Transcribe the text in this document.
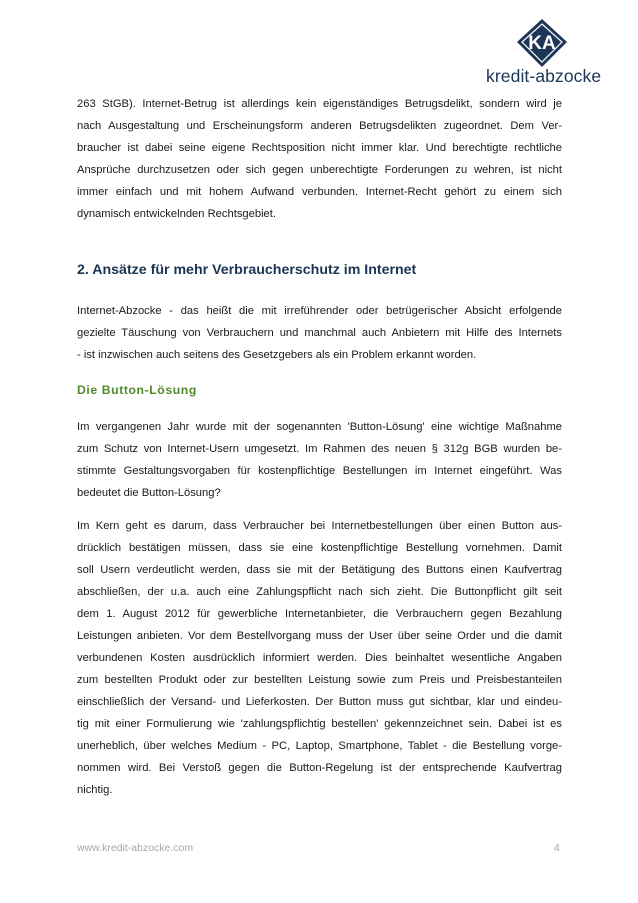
KA
kredit-abzocke
263 StGB). Internet-Betrug ist allerdings kein eigenständiges Betrugsdelikt, sondern wird je
nach Ausgestaltung und Erscheinungsform anderen Betrugsdelikten zugeordnet. Dem Ver-
braucher ist dabei seine eigene Rechtsposition nicht immer klar. Und berechtigte rechtliche
Ansprüche durchzusetzen oder sich gegen unberechtigte Forderungen zu wehren, ist nicht
immer einfach und mit hohem Aufwand verbunden. Internet-Recht gehört zu einem sich
dynamisch entwickelnden Rechtsgebiet.
2. Ansätze für mehr Verbraucherschutz im Internet
Internet-Abzocke - das heißt die mit irreführender oder betrügerischer Absicht erfolgende
gezielte Täuschung von Verbrauchern und manchmal auch Anbietern mit Hilfe des Internets
- ist inzwischen auch seitens des Gesetzgebers als ein Problem erkannt worden.
Die Button-Lösung
Im vergangenen Jahr wurde mit der sogenannten 'Button-Lösung' eine wichtige Maßnahme
zum Schutz von Internet-Usern umgesetzt. Im Rahmen des neuen § 312g BGB wurden be-
stimmte Gestaltungsvorgaben für kostenpflichtige Bestellungen im Internet eingeführt. Was
bedeutet die Button-Lösung?
Im Kern geht es darum, dass Verbraucher bei Internetbestellungen über einen Button aus-
drücklich bestätigen müssen, dass sie eine kostenpflichtige Bestellung vornehmen. Damit
soll Usern verdeutlicht werden, dass sie mit der Betätigung des Buttons einen Kaufvertrag
abschließen, der u.a. auch eine Zahlungspflicht nach sich zieht. Die Buttonpflicht gilt seit
dem 1. August 2012 für gewerbliche Internetanbieter, die Verbrauchern gegen Bezahlung
Leistungen anbieten. Vor dem Bestellvorgang muss der User über seine Order und die damit
verbundenen Kosten ausdrücklich informiert werden. Dies beinhaltet wesentliche Angaben
zum bestellten Produkt oder zur bestellten Leistung sowie zum Preis und Preisbestanteilen
einschließlich der Versand- und Lieferkosten. Der Button muss gut sichtbar, klar und eindeu-
tig mit einer Formulierung wie 'zahlungspflichtig bestellen' gekennzeichnet sein. Dabei ist es
unerheblich, über welches Medium - PC, Laptop, Smartphone, Tablet - die Bestellung vorge-
nommen wird. Bei Verstoß gegen die Button-Regelung ist der entsprechende Kaufvertrag
nichtig.
www.kredit-abzocke.com	4
